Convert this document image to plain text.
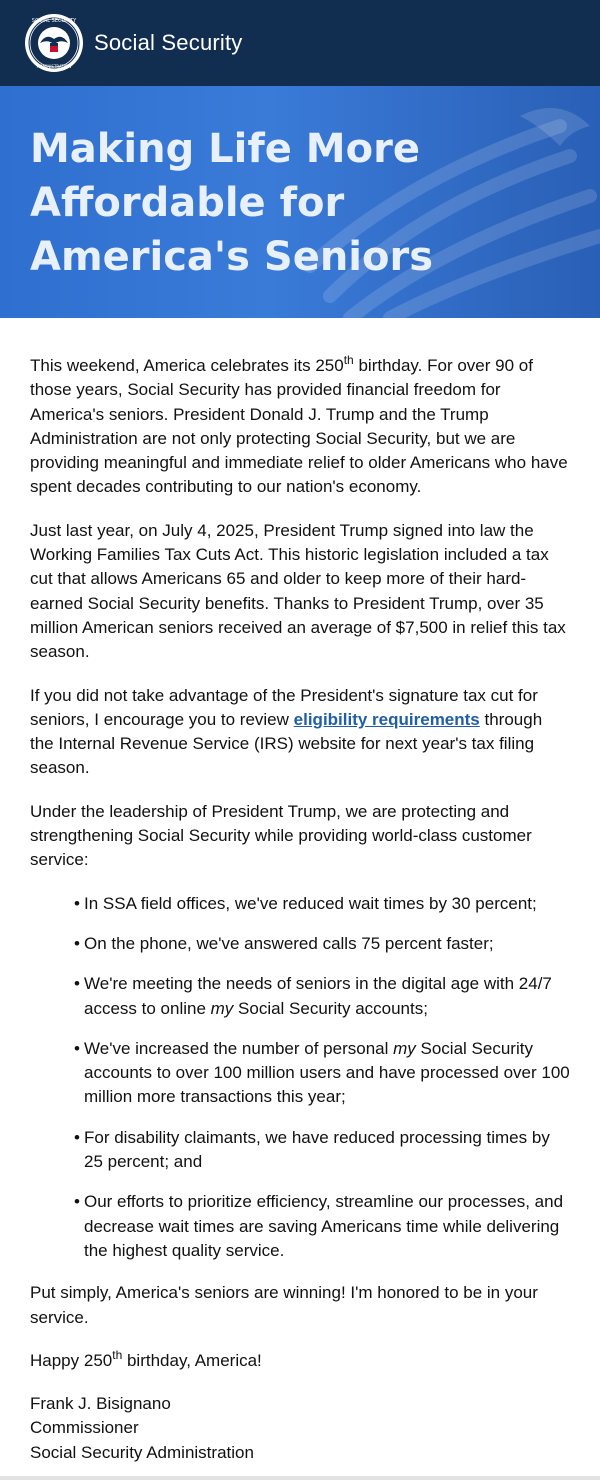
SOCIAL SECURITY
ADMINISTRATION
Social Security
Making Life More Affordable for America's Seniors

This weekend, America celebrates its 250th birthday. For over 90 of those years, Social Security has provided financial freedom for America's seniors. President Donald J. Trump and the Trump Administration are not only protecting Social Security, but we are providing meaningful and immediate relief to older Americans who have spent decades contributing to our nation's economy.

Just last year, on July 4, 2025, President Trump signed into law the Working Families Tax Cuts Act. This historic legislation included a tax cut that allows Americans 65 and older to keep more of their hard-earned Social Security benefits. Thanks to President Trump, over 35 million American seniors received an average of $7,500 in relief this tax season.

If you did not take advantage of the President's signature tax cut for seniors, I encourage you to review eligibility requirements through the Internal Revenue Service (IRS) website for next year's tax filing season.

Under the leadership of President Trump, we are protecting and strengthening Social Security while providing world-class customer service:

• In SSA field offices, we've reduced wait times by 30 percent;
• On the phone, we've answered calls 75 percent faster;
• We're meeting the needs of seniors in the digital age with 24/7 access to online my Social Security accounts;
• We've increased the number of personal my Social Security accounts to over 100 million users and have processed over 100 million more transactions this year;
• For disability claimants, we have reduced processing times by 25 percent; and
• Our efforts to prioritize efficiency, streamline our processes, and decrease wait times are saving Americans time while delivering the highest quality service.

Put simply, America's seniors are winning! I'm honored to be in your service.

Happy 250th birthday, America!

Frank J. Bisignano

Commissioner

Social Security Administration
